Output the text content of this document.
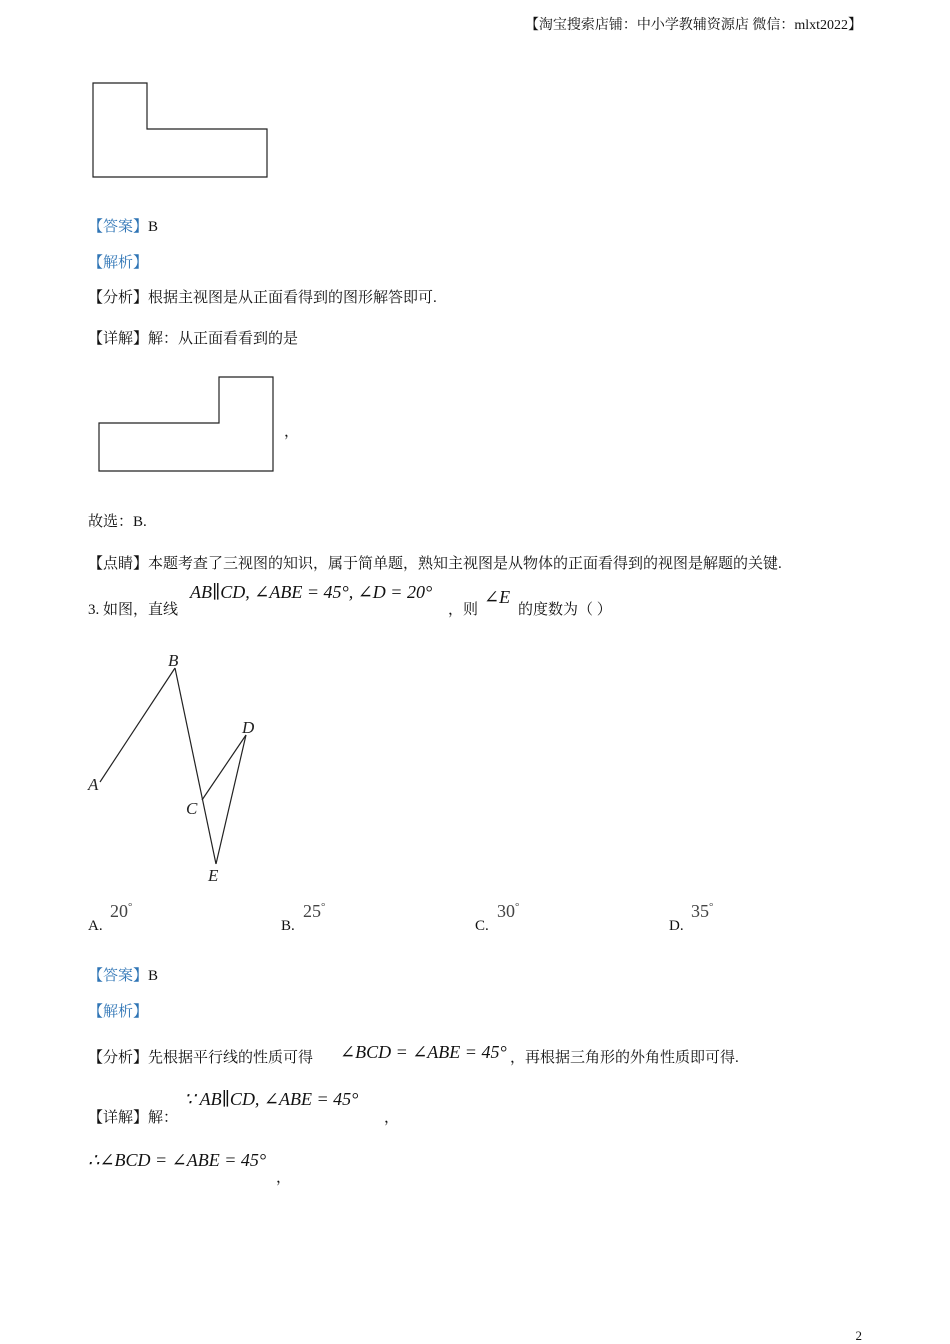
【淘宝搜索店铺：中小学教辅资源店 微信：mlxt2022】
【答案】B
【解析】
【分析】根据主视图是从正面看得到的图形解答即可.
【详解】解：从正面看看到的是
，
故选：B.
【点睛】本题考查了三视图的知识，属于简单题，熟知主视图是从物体的正面看得到的视图是解题的关键.
3. 如图，直线
AB∥CD, ∠ABE = 45°, ∠D = 20°
，则
∠E
的度数为（ ）
B
A
D
C
E
A.
20°
B.
25°
C.
30°
D.
35°
【答案】B
【解析】
【分析】先根据平行线的性质可得 ∠BCD = ∠ABE = 45° ，再根据三角形的外角性质即可得.
【详解】解：
∵ AB∥CD, ∠ABE = 45°
，
∴∠BCD = ∠ABE = 45°
，
2
